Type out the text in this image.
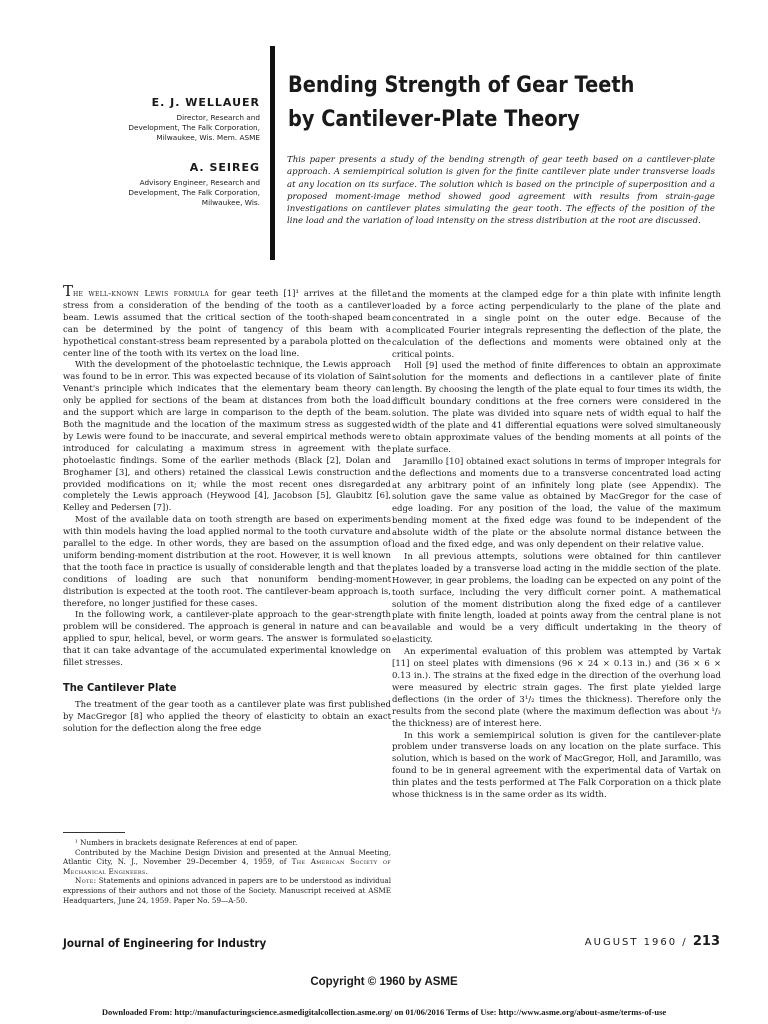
E. J. WELLAUER
Director, Research and
Development, The Falk Corporation,
Milwaukee, Wis. Mem. ASME
A. SEIREG
Advisory Engineer, Research and
Development, The Falk Corporation,
Milwaukee, Wis.
Bending Strength of Gear Teeth
by Cantilever-Plate Theory

This paper presents a study of the bending strength of gear teeth based on a cantilever-plate approach. A semiempirical solution is given for the finite cantilever plate under transverse loads at any location on its surface. The solution which is based on the principle of superposition and a proposed moment-image method showed good agreement with results from strain-gage investigations on cantilever plates simulating the gear tooth. The effects of the position of the line load and the variation of load intensity on the stress distribution at the root are discussed.

The well-known Lewis formula for gear teeth [1]¹ arrives at the fillet stress from a consideration of the bending of the tooth as a cantilever beam. Lewis assumed that the critical section of the tooth-shaped beam can be determined by the point of tangency of this beam with a hypothetical constant-stress beam represented by a parabola plotted on the center line of the tooth with its vertex on the load line.

With the development of the photoelastic technique, the Lewis approach was found to be in error. This was expected because of its violation of Saint Venant's principle which indicates that the elementary beam theory can only be applied for sections of the beam at distances from both the load and the support which are large in comparison to the depth of the beam. Both the magnitude and the location of the maximum stress as suggested by Lewis were found to be inaccurate, and several empirical methods were introduced for calculating a maximum stress in agreement with the photoelastic findings. Some of the earlier methods (Black [2], Dolan and Broghamer [3], and others) retained the classical Lewis construction and provided modifications on it; while the most recent ones disregarded completely the Lewis approach (Heywood [4], Jacobson [5], Glaubitz [6], Kelley and Pedersen [7]).

Most of the available data on tooth strength are based on experiments with thin models having the load applied normal to the tooth curvature and parallel to the edge. In other words, they are based on the assumption of uniform bending-moment distribution at the root. However, it is well known that the tooth face in practice is usually of considerable length and that the conditions of loading are such that nonuniform bending-moment distribution is expected at the tooth root. The cantilever-beam approach is, therefore, no longer justified for these cases.

In the following work, a cantilever-plate approach to the gear-strength problem will be considered. The approach is general in nature and can be applied to spur, helical, bevel, or worm gears. The answer is formulated so that it can take advantage of the accumulated experimental knowledge on fillet stresses.

The Cantilever Plate

The treatment of the gear tooth as a cantilever plate was first published by MacGregor [8] who applied the theory of elasticity to obtain an exact solution for the deflection along the free edge

and the moments at the clamped edge for a thin plate with infinite length loaded by a force acting perpendicularly to the plane of the plate and concentrated in a single point on the outer edge. Because of the complicated Fourier integrals representing the deflection of the plate, the calculation of the deflections and moments were obtained only at the critical points.

Holl [9] used the method of finite differences to obtain an approximate solution for the moments and deflections in a cantilever plate of finite length. By choosing the length of the plate equal to four times its width, the difficult boundary conditions at the free corners were considered in the solution. The plate was divided into square nets of width equal to half the width of the plate and 41 differential equations were solved simultaneously to obtain approximate values of the bending moments at all points of the plate surface.

Jaramillo [10] obtained exact solutions in terms of improper integrals for the deflections and moments due to a transverse concentrated load acting at any arbitrary point of an infinitely long plate (see Appendix). The solution gave the same value as obtained by MacGregor for the case of edge loading. For any position of the load, the value of the maximum bending moment at the fixed edge was found to be independent of the absolute width of the plate or the absolute normal distance between the load and the fixed edge, and was only dependent on their relative value.

In all previous attempts, solutions were obtained for thin cantilever plates loaded by a transverse load acting in the middle section of the plate. However, in gear problems, the loading can be expected on any point of the tooth surface, including the very difficult corner point. A mathematical solution of the moment distribution along the fixed edge of a cantilever plate with finite length, loaded at points away from the central plane is not available and would be a very difficult undertaking in the theory of elasticity.

An experimental evaluation of this problem was attempted by Vartak [11] on steel plates with dimensions (96 × 24 × 0.13 in.) and (36 × 6 × 0.13 in.). The strains at the fixed edge in the direction of the overhung load were measured by electric strain gages. The first plate yielded large deflections (in the order of 3¹/₂ times the thickness). Therefore only the results from the second plate (where the maximum deflection was about ¹/₃ the thickness) are of interest here.

In this work a semiempirical solution is given for the cantilever-plate problem under transverse loads on any location on the plate surface. This solution, which is based on the work of MacGregor, Holl, and Jaramillo, was found to be in general agreement with the experimental data of Vartak on thin plates and the tests performed at The Falk Corporation on a thick plate whose thickness is in the same order as its width.

¹ Numbers in brackets designate References at end of paper.

Contributed by the Machine Design Division and presented at the Annual Meeting, Atlantic City, N. J., November 29–December 4, 1959, of The American Society of Mechanical Engineers.

Note: Statements and opinions advanced in papers are to be understood as individual expressions of their authors and not those of the Society. Manuscript received at ASME Headquarters, June 24, 1959. Paper No. 59—A-50.

Journal of Engineering for Industry	AUGUST 1960 / 213
Copyright © 1960 by ASME
Downloaded From: http://manufacturingscience.asmedigitalcollection.asme.org/ on 01/06/2016 Terms of Use: http://www.asme.org/about-asme/terms-of-use
